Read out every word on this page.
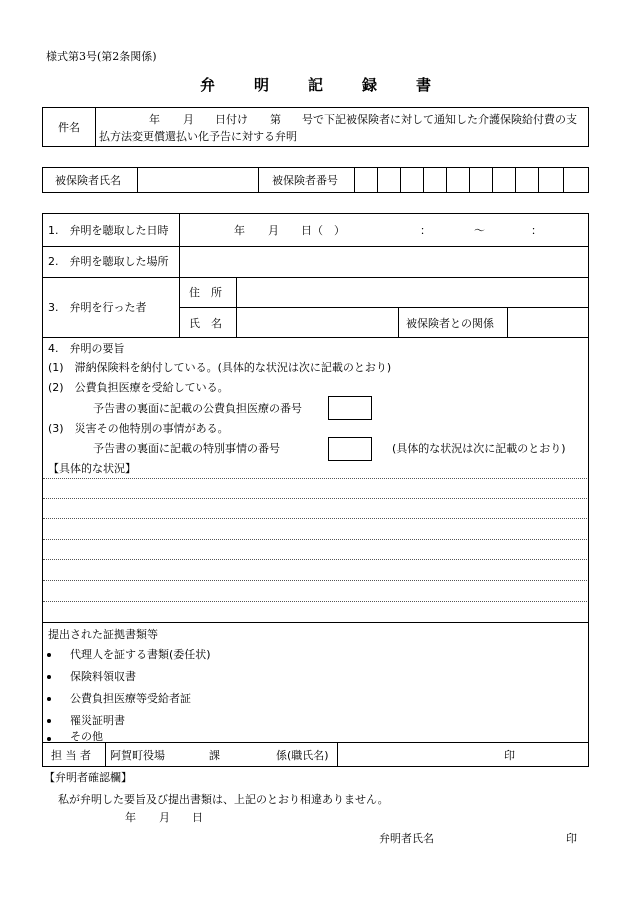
様式第3号(第2条関係)
弁	明	記	録	書
件名
年 月 日付け 第 号で下記被保険者に対して通知した介護保険給付費の支
払方法変更償還払い化予告に対する弁明
被保険者氏名	被保険者番号
1.　弁明を聴取した日時	年 月 日（　）	：	～	：
2.　弁明を聴取した場所
3.　弁明を行った者
住　所
氏　名	被保険者との関係
4.　弁明の要旨
(1)　滞納保険料を納付している。(具体的な状況は次に記載のとおり)
(2)　公費負担医療を受給している。
予告書の裏面に記載の公費負担医療の番号
(3)　災害その他特別の事情がある。
予告書の裏面に記載の特別事情の番号	(具体的な状況は次に記載のとおり)
【具体的な状況】
提出された証拠書類等
代理人を証する書類(委任状)
保険料領収書
公費負担医療等受給者証
罹災証明書
その他
担 当 者 阿賀町役場	課	係(職氏名)	印
【弁明者確認欄】
私が弁明した要旨及び提出書類は、上記のとおり相違ありません。
年 月 日
弁明者氏名	印
